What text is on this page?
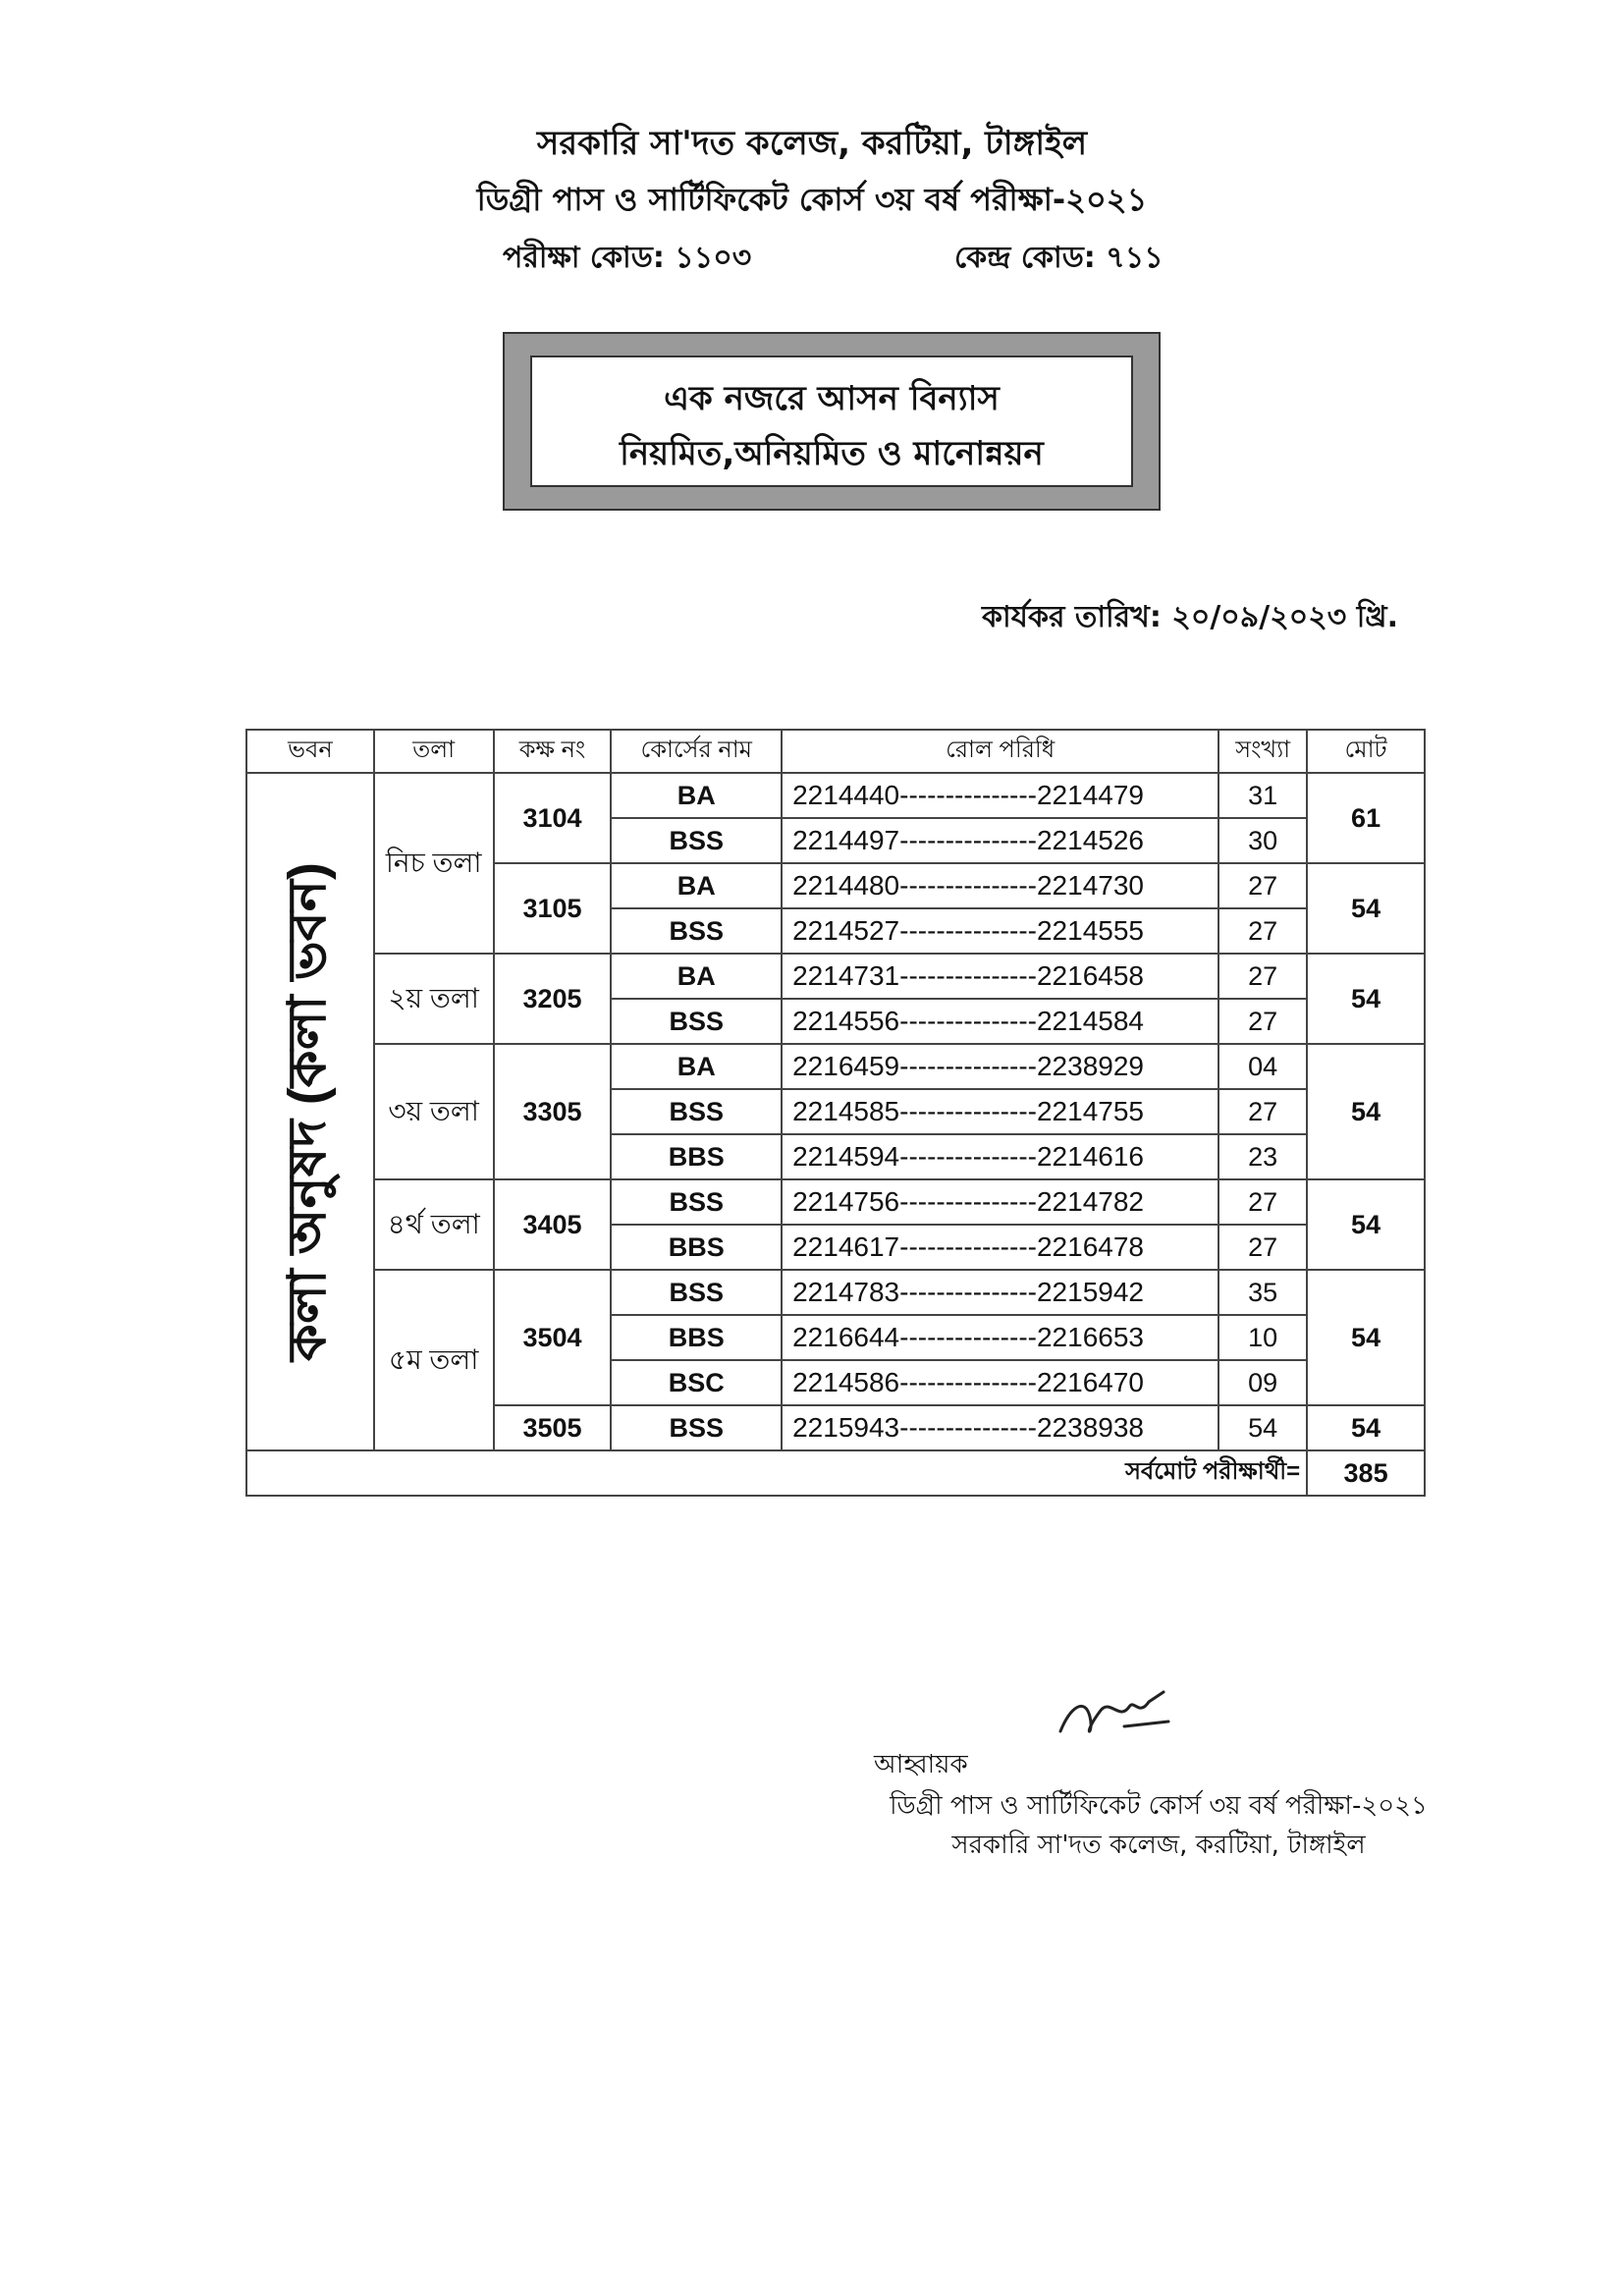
সরকারি সা'দত কলেজ, করটিয়া, টাঙ্গাইল
ডিগ্রী পাস ও সার্টিফিকেট কোর্স ৩য় বর্ষ পরীক্ষা-২০২১
পরীক্ষা কোড: ১১০৩	কেন্দ্র কোড: ৭১১
এক নজরে আসন বিন্যাস
নিয়মিত,অনিয়মিত ও মানোন্নয়ন
কার্যকর তারিখ: ২০/০৯/২০২৩ খ্রি.
ভবন	তলা	কক্ষ নং	কোর্সের নাম	রোল পরিধি	সংখ্যা	মোট

কলা অনুষদ (কলা ভবন)	নিচ তলা	3104	BA	2214440---------------2214479	31	61
			BSS	2214497---------------2214526	30	
		3105	BA	2214480---------------2214730	27	54
			BSS	2214527---------------2214555	27	
	২য় তলা	3205	BA	2214731---------------2216458	27	54
			BSS	2214556---------------2214584	27	
	৩য় তলা	3305	BA	2216459---------------2238929	04	54
			BSS	2214585---------------2214755	27	
			BBS	2214594---------------2214616	23	
	৪র্থ তলা	3405	BSS	2214756---------------2214782	27	54
			BBS	2214617---------------2216478	27	
	৫ম তলা	3504	BSS	2214783---------------2215942	35	54
			BBS	2216644---------------2216653	10	
			BSC	2214586---------------2216470	09	
		3505	BSS	2215943---------------2238938	54	54
সর্বমোট পরীক্ষার্থী=						385
আহ্বায়ক
ডিগ্রী পাস ও সার্টিফিকেট কোর্স ৩য় বর্ষ পরীক্ষা-২০২১
সরকারি সা'দত কলেজ, করটিয়া, টাঙ্গাইল
